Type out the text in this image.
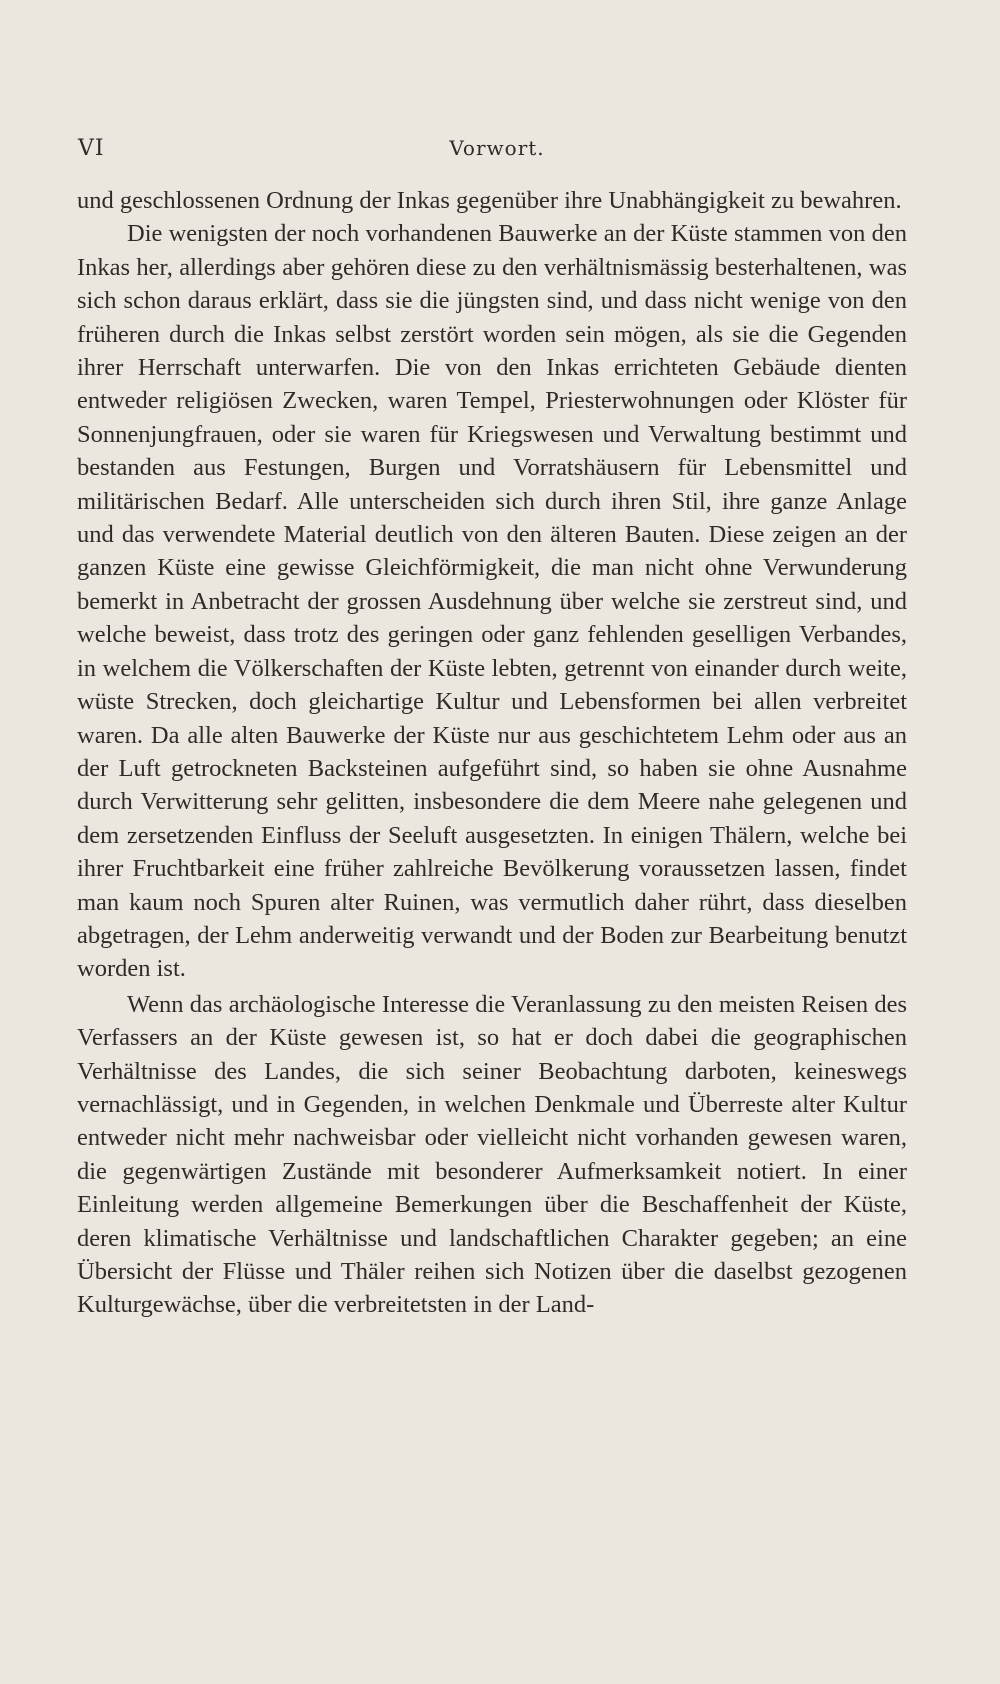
VI	Vorwort.

und geschlossenen Ordnung der Inkas gegenüber ihre Unabhängigkeit zu bewahren.

Die wenigsten der noch vorhandenen Bauwerke an der Küste stammen von den Inkas her, allerdings aber gehören diese zu den verhältnismässig besterhaltenen, was sich schon daraus erklärt, dass sie die jüngsten sind, und dass nicht wenige von den früheren durch die Inkas selbst zerstört worden sein mögen, als sie die Gegenden ihrer Herrschaft unterwarfen. Die von den Inkas errichteten Gebäude dienten entweder religiösen Zwecken, waren Tempel, Priesterwohnungen oder Klöster für Sonnenjungfrauen, oder sie waren für Kriegswesen und Verwaltung bestimmt und bestanden aus Festungen, Burgen und Vorratshäusern für Lebensmittel und militärischen Bedarf. Alle unterscheiden sich durch ihren Stil, ihre ganze Anlage und das verwendete Material deutlich von den älteren Bauten. Diese zeigen an der ganzen Küste eine gewisse Gleichförmigkeit, die man nicht ohne Verwunderung bemerkt in Anbetracht der grossen Ausdehnung über welche sie zerstreut sind, und welche beweist, dass trotz des geringen oder ganz fehlenden geselligen Verbandes, in welchem die Völkerschaften der Küste lebten, getrennt von einander durch weite, wüste Strecken, doch gleichartige Kultur und Lebensformen bei allen verbreitet waren. Da alle alten Bauwerke der Küste nur aus geschichtetem Lehm oder aus an der Luft getrockneten Backsteinen aufgeführt sind, so haben sie ohne Ausnahme durch Verwitterung sehr gelitten, insbesondere die dem Meere nahe gelegenen und dem zersetzenden Einfluss der Seeluft ausgesetzten. In einigen Thälern, welche bei ihrer Fruchtbarkeit eine früher zahlreiche Bevölkerung voraussetzen lassen, findet man kaum noch Spuren alter Ruinen, was vermutlich daher rührt, dass dieselben abgetragen, der Lehm anderweitig verwandt und der Boden zur Bearbeitung benutzt worden ist.

Wenn das archäologische Interesse die Veranlassung zu den meisten Reisen des Verfassers an der Küste gewesen ist, so hat er doch dabei die geographischen Verhältnisse des Landes, die sich seiner Beobachtung darboten, keineswegs vernachlässigt, und in Gegenden, in welchen Denkmale und Überreste alter Kultur entweder nicht mehr nachweisbar oder vielleicht nicht vorhanden gewesen waren, die gegenwärtigen Zustände mit besonderer Aufmerksamkeit notiert. In einer Einleitung werden allgemeine Bemerkungen über die Beschaffenheit der Küste, deren klimatische Verhältnisse und landschaftlichen Charakter gegeben; an eine Übersicht der Flüsse und Thäler reihen sich Notizen über die daselbst gezogenen Kulturgewächse, über die verbreitetsten in der Land-
